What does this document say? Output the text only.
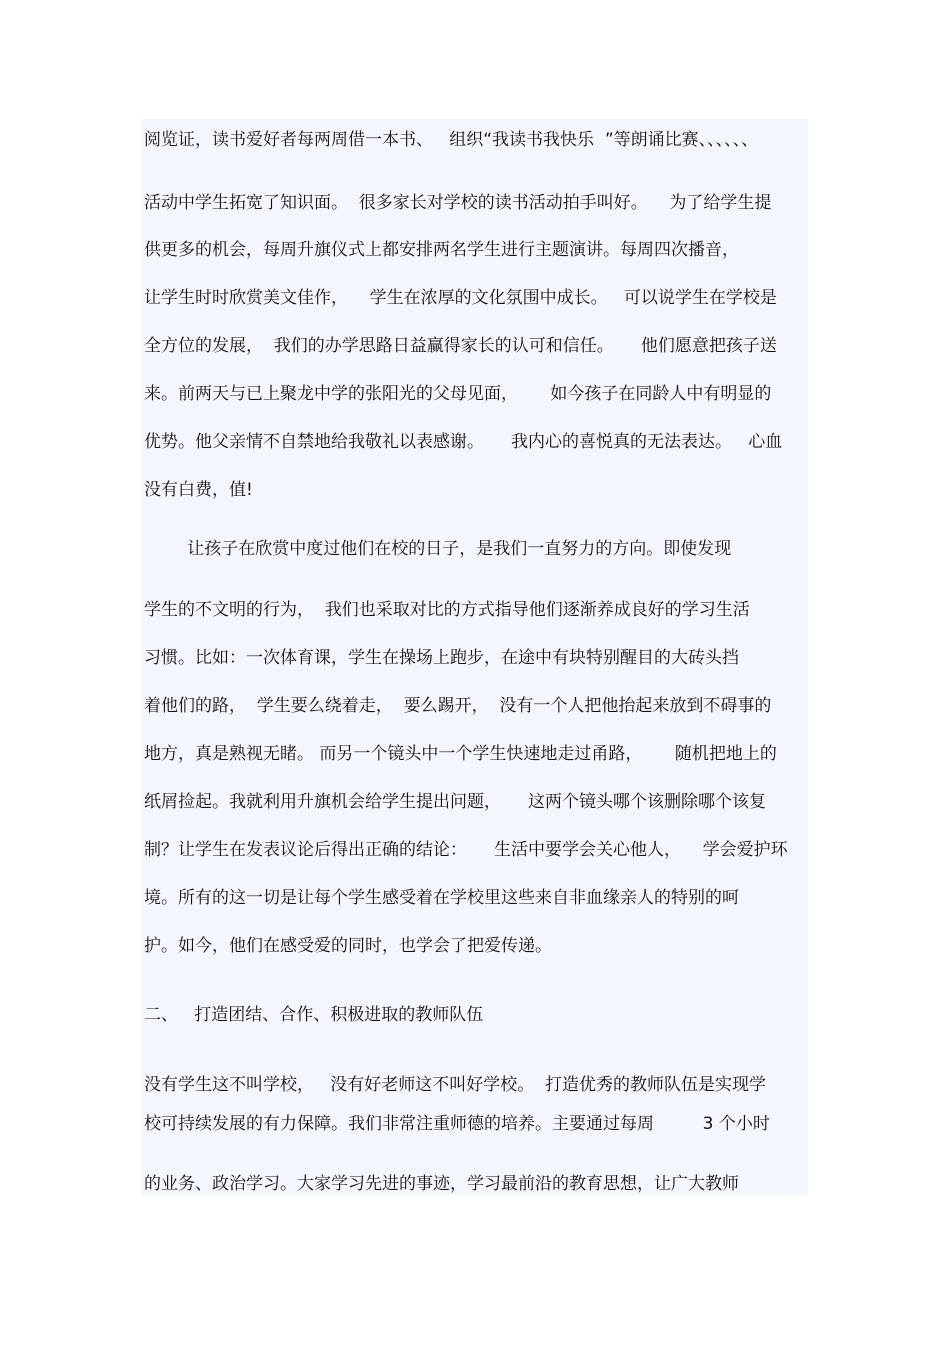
阅览证，读书爱好者每两周借一本书、   组织“我读书我快乐  ”等朗诵比赛、、、、、、

活动中学生拓宽了知识面。  很多家长对学校的读书活动拍手叫好。    为了给学生提

供更多的机会，每周升旗仪式上都安排两名学生进行主题演讲。每周四次播音，

让学生时时欣赏美文佳作，    学生在浓厚的文化氛围中成长。   可以说学生在学校是

全方位的发展，  我们的办学思路日益赢得家长的认可和信任。     他们愿意把孩子送

来。前两天与已上聚龙中学的张阳光的父母见面，      如今孩子在同龄人中有明显的

优势。他父亲情不自禁地给我敬礼以表感谢。     我内心的喜悦真的无法表达。   心血

没有白费，值!

让孩子在欣赏中度过他们在校的日子，是我们一直努力的方向。即使发现

学生的不文明的行为，  我们也采取对比的方式指导他们逐渐养成良好的学习生活

习惯。比如：一次体育课，学生在操场上跑步，在途中有块特别醒目的大砖头挡

着他们的路，  学生要么绕着走，  要么踢开，  没有一个人把他抬起来放到不碍事的

地方，真是熟视无睹。 而另一个镜头中一个学生快速地走过甬路，      随机把地上的

纸屑捡起。我就利用升旗机会给学生提出问题，     这两个镜头哪个该删除哪个该复

制？让学生在发表议论后得出正确的结论：     生活中要学会关心他人，    学会爱护环

境。所有的这一切是让每个学生感受着在学校里这些来自非血缘亲人的特别的呵

护。如今，他们在感受爱的同时，也学会了把爱传递。

二、   打造团结、合作、积极进取的教师队伍

没有学生这不叫学校，   没有好老师这不叫好学校。  打造优秀的教师队伍是实现学

校可持续发展的有力保障。我们非常注重师德的培养。主要通过每周         3 个小时

的业务、政治学习。大家学习先进的事迹，学习最前沿的教育思想，让广大教师
